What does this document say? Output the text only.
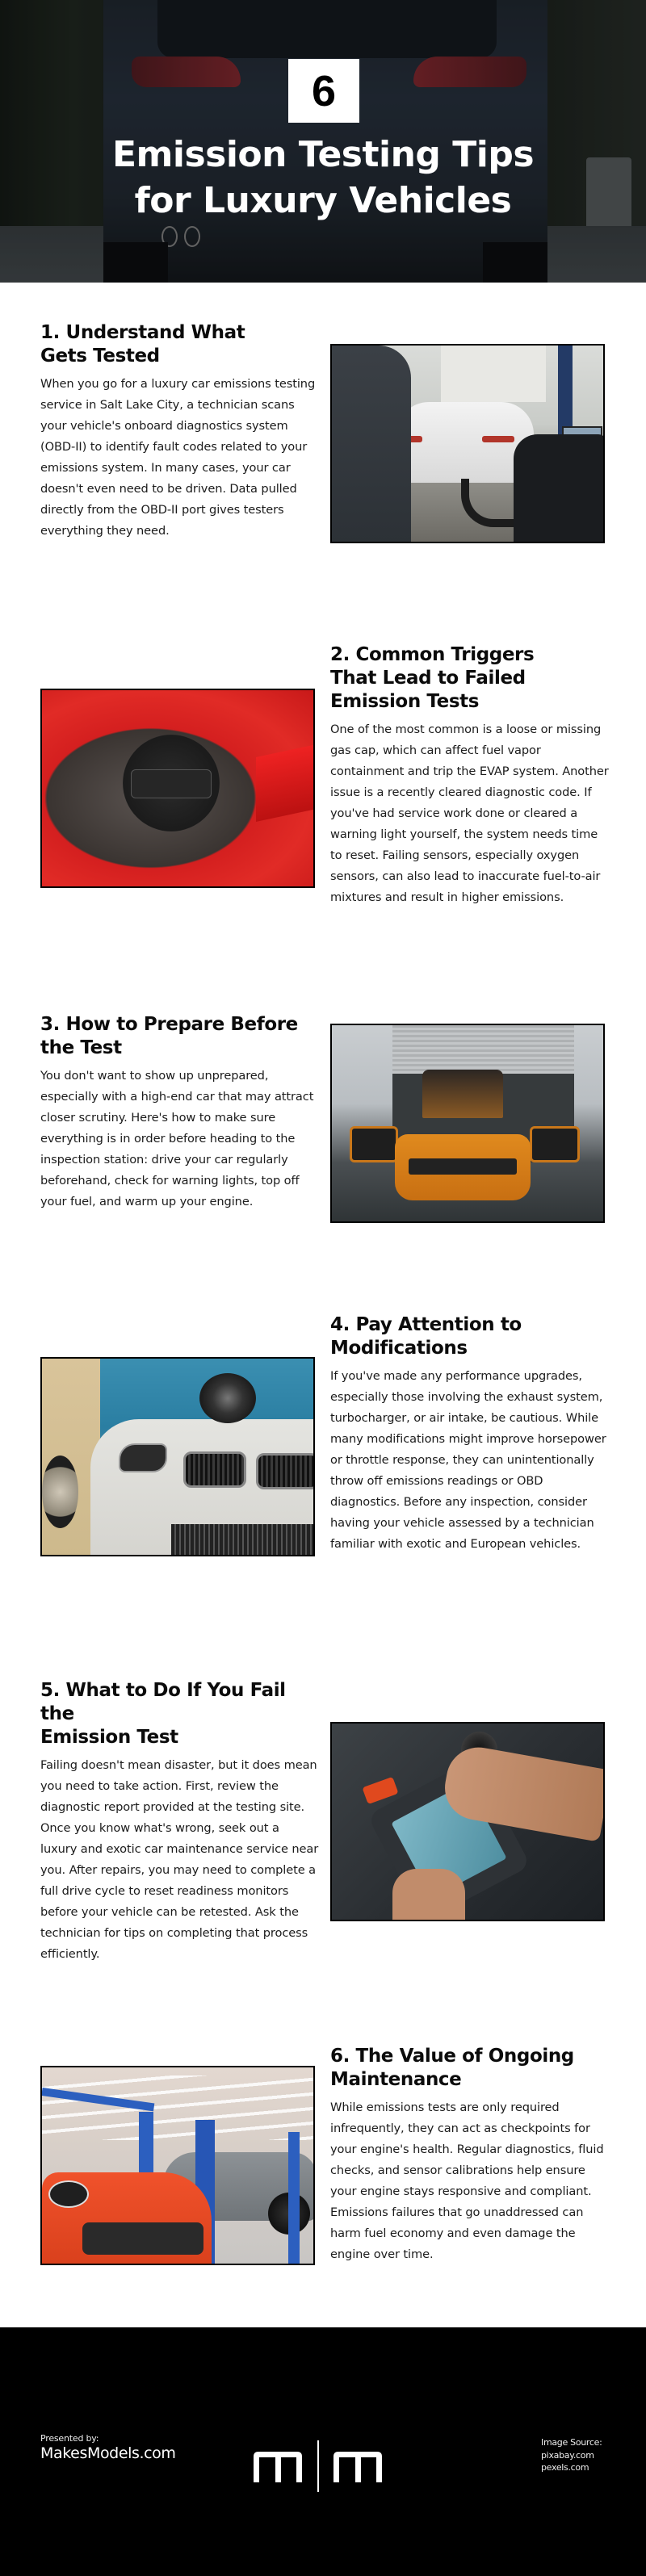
6
Emission Testing Tips
for Luxury Vehicles
1. Understand What
Gets Tested

When you go for a luxury car emissions testing service in Salt Lake City, a technician scans your vehicle's onboard diagnostics system (OBD-II) to identify fault codes related to your emissions system. In many cases, your car doesn't even need to be driven. Data pulled directly from the OBD-II port gives testers everything they need.

2. Common Triggers
That Lead to Failed
Emission Tests

One of the most common is a loose or missing gas cap, which can affect fuel vapor containment and trip the EVAP system. Another issue is a recently cleared diagnostic code. If you've had service work done or cleared a warning light yourself, the system needs time to reset. Failing sensors, especially oxygen sensors, can also lead to inaccurate fuel-to-air mixtures and result in higher emissions.

3. How to Prepare Before
the Test

You don't want to show up unprepared, especially with a high-end car that may attract closer scrutiny. Here's how to make sure everything is in order before heading to the inspection station: drive your car regularly beforehand, check for warning lights, top off your fuel, and warm up your engine.

4. Pay Attention to
Modifications

If you've made any performance upgrades, especially those involving the exhaust system, turbocharger, or air intake, be cautious. While many modifications might improve horsepower or throttle response, they can unintentionally throw off emissions readings or OBD diagnostics. Before any inspection, consider having your vehicle assessed by a technician familiar with exotic and European vehicles.

5. What to Do If You Fail the
Emission Test

Failing doesn't mean disaster, but it does mean you need to take action. First, review the diagnostic report provided at the testing site. Once you know what's wrong, seek out a luxury and exotic car maintenance service near you. After repairs, you may need to complete a full drive cycle to reset readiness monitors before your vehicle can be retested. Ask the technician for tips on completing that process efficiently.

6. The Value of Ongoing
Maintenance

While emissions tests are only required infrequently, they can act as checkpoints for your engine's health. Regular diagnostics, fluid checks, and sensor calibrations help ensure your engine stays responsive and compliant. Emissions failures that go unaddressed can harm fuel economy and even damage the engine over time.

Presented by:
MakesModels.com
Image Source:
pixabay.com
pexels.com
